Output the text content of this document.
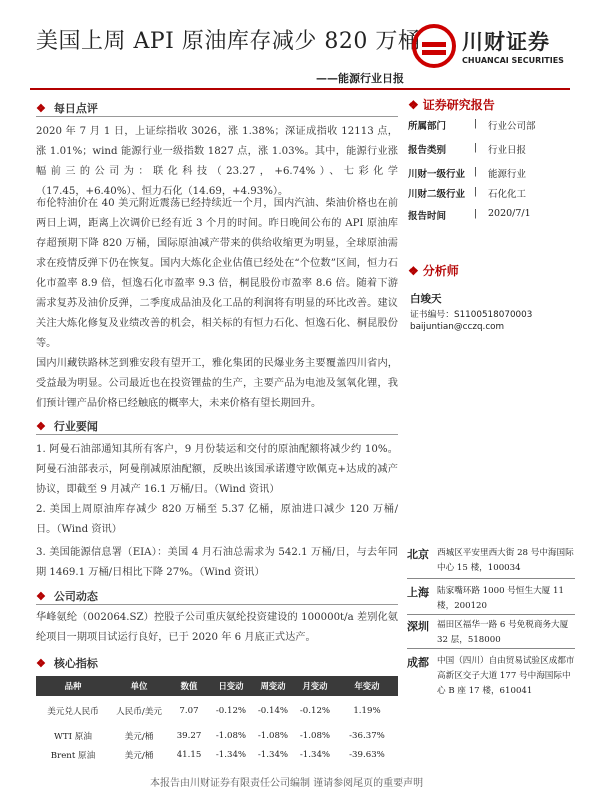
美国上周 API 原油库存减少 820 万桶 川财证券
CHUANCAI SECURITIES
——能源行业日报
❖ 每日点评
2020 年 7 月 1 日，上证综指收 3026，涨 1.38%；深证成指收 12113 点，涨 1.01%；wind 能源行业一级指数 1827 点，涨 1.03%。其中，能源行业涨幅前三的公司为：联化科技（23.27，+6.74%）、七彩化学（17.45，+6.40%）、恒力石化（14.69，+4.93%）。
布伦特油价在 40 美元附近震荡已经持续近一个月，国内汽油、柴油价格也在前两日上调，距离上次调价已经有近 3 个月的时间。昨日晚间公布的 API 原油库存超预期下降 820 万桶，国际原油减产带来的供给收缩更为明显，全球原油需求在疫情反弹下仍在恢复。国内大炼化企业估值已经处在“个位数”区间，恒力石化市盈率 8.9 倍，恒逸石化市盈率 9.3 倍，桐昆股份市盈率 8.6 倍。随着下游需求复苏及油价反弹，二季度成品油及化工品的利润将有明显的环比改善。建议关注大炼化修复及业绩改善的机会，相关标的有恒力石化、恒逸石化、桐昆股份等。
国内川藏铁路林芝到雅安段有望开工，雅化集团的民爆业务主要覆盖四川省内，受益最为明显。公司最近也在投资锂盐的生产，主要产品为电池及氢氧化锂，我们预计锂产品价格已经触底的概率大，未来价格有望长期回升。
❖ 行业要闻
1. 阿曼石油部通知其所有客户，9 月份装运和交付的原油配额将减少约 10%。阿曼石油部表示，阿曼削减原油配额，反映出该国承诺遵守欧佩克+达成的减产协议，即截至 9 月减产 16.1 万桶/日。（Wind 资讯）
2. 美国上周原油库存减少 820 万桶至 5.37 亿桶，原油进口减少 120 万桶/日。（Wind 资讯）
3. 美国能源信息署（EIA）：美国 4 月石油总需求为 542.1 万桶/日，与去年同期 1469.1 万桶/日相比下降 27%。（Wind 资讯）
❖ 公司动态
华峰氨纶（002064.SZ）控股子公司重庆氨纶投资建设的 100000t/a 差别化氨纶项目一期项目试运行良好，已于 2020 年 6 月底正式达产。
❖ 核心指标
品种	单位	数值	日变动	周变动	月变动	年变动
美元兑人民币	人民币/美元	7.07	-0.12%	-0.14%	-0.12%	1.19%
WTI 原油	美元/桶	39.27	-1.08%	-1.08%	-1.08%	-36.37%
Brent 原油	美元/桶	41.15	-1.34%	-1.34%	-1.34%	-39.63%
❖ 证券研究报告
所属部门	| 行业公司部
报告类别	| 行业日报
川财一级行业 | 能源行业
川财二级行业 | 石化化工
报告时间	| 2020/7/1
❖ 分析师
白竣天
证书编号：S1100518070003
baijuntian@cczq.com
北京 西城区平安里西大街 28 号中海国际中心 15 楼，100034
上海 陆家嘴环路 1000 号恒生大厦 11 楼，200120
深圳 福田区福华一路 6 号免税商务大厦 32 层，518000
成都 中国（四川）自由贸易试验区成都市高新区交子大道 177 号中海国际中心 B 座 17 楼，610041
本报告由川财证券有限责任公司编制 谨请参阅尾页的重要声明
